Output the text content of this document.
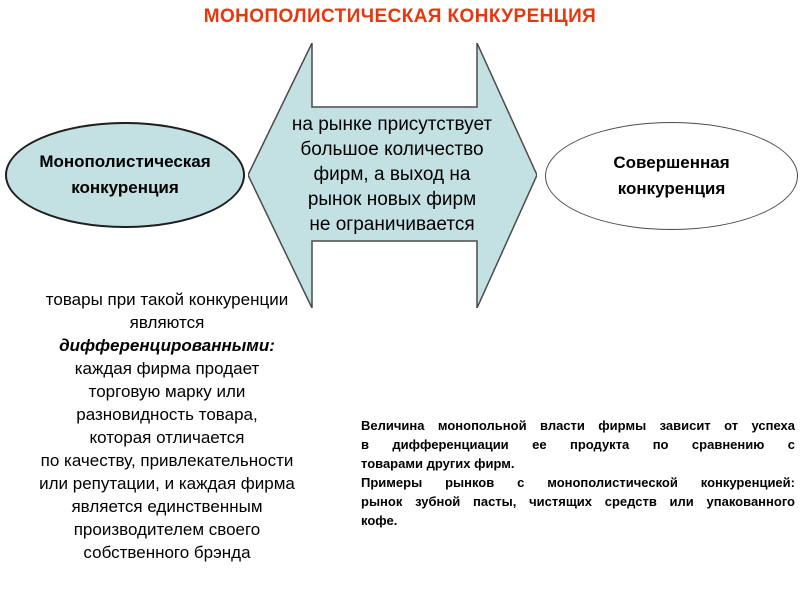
МОНОПОЛИСТИЧЕСКАЯ КОНКУРЕНЦИЯ
на рынке присутствует
большое количество
фирм, а выход на
рынок новых фирм
не ограничивается
Монополистическая конкуренция
Совершенная конкуренция
товары при такой конкуренции
являются
дифференцированными:
каждая фирма продает
торговую марку или
разновидность товара,
которая отличается
по качеству, привлекательности
или репутации, и каждая фирма
является единственным
производителем своего
собственного брэнда
Величина монопольной власти фирмы зависит от успеха
в дифференциации ее продукта по сравнению с
товарами других фирм.
Примеры рынков с монополистической конкуренцией:
рынок зубной пасты, чистящих средств или упакованного
кофе.
